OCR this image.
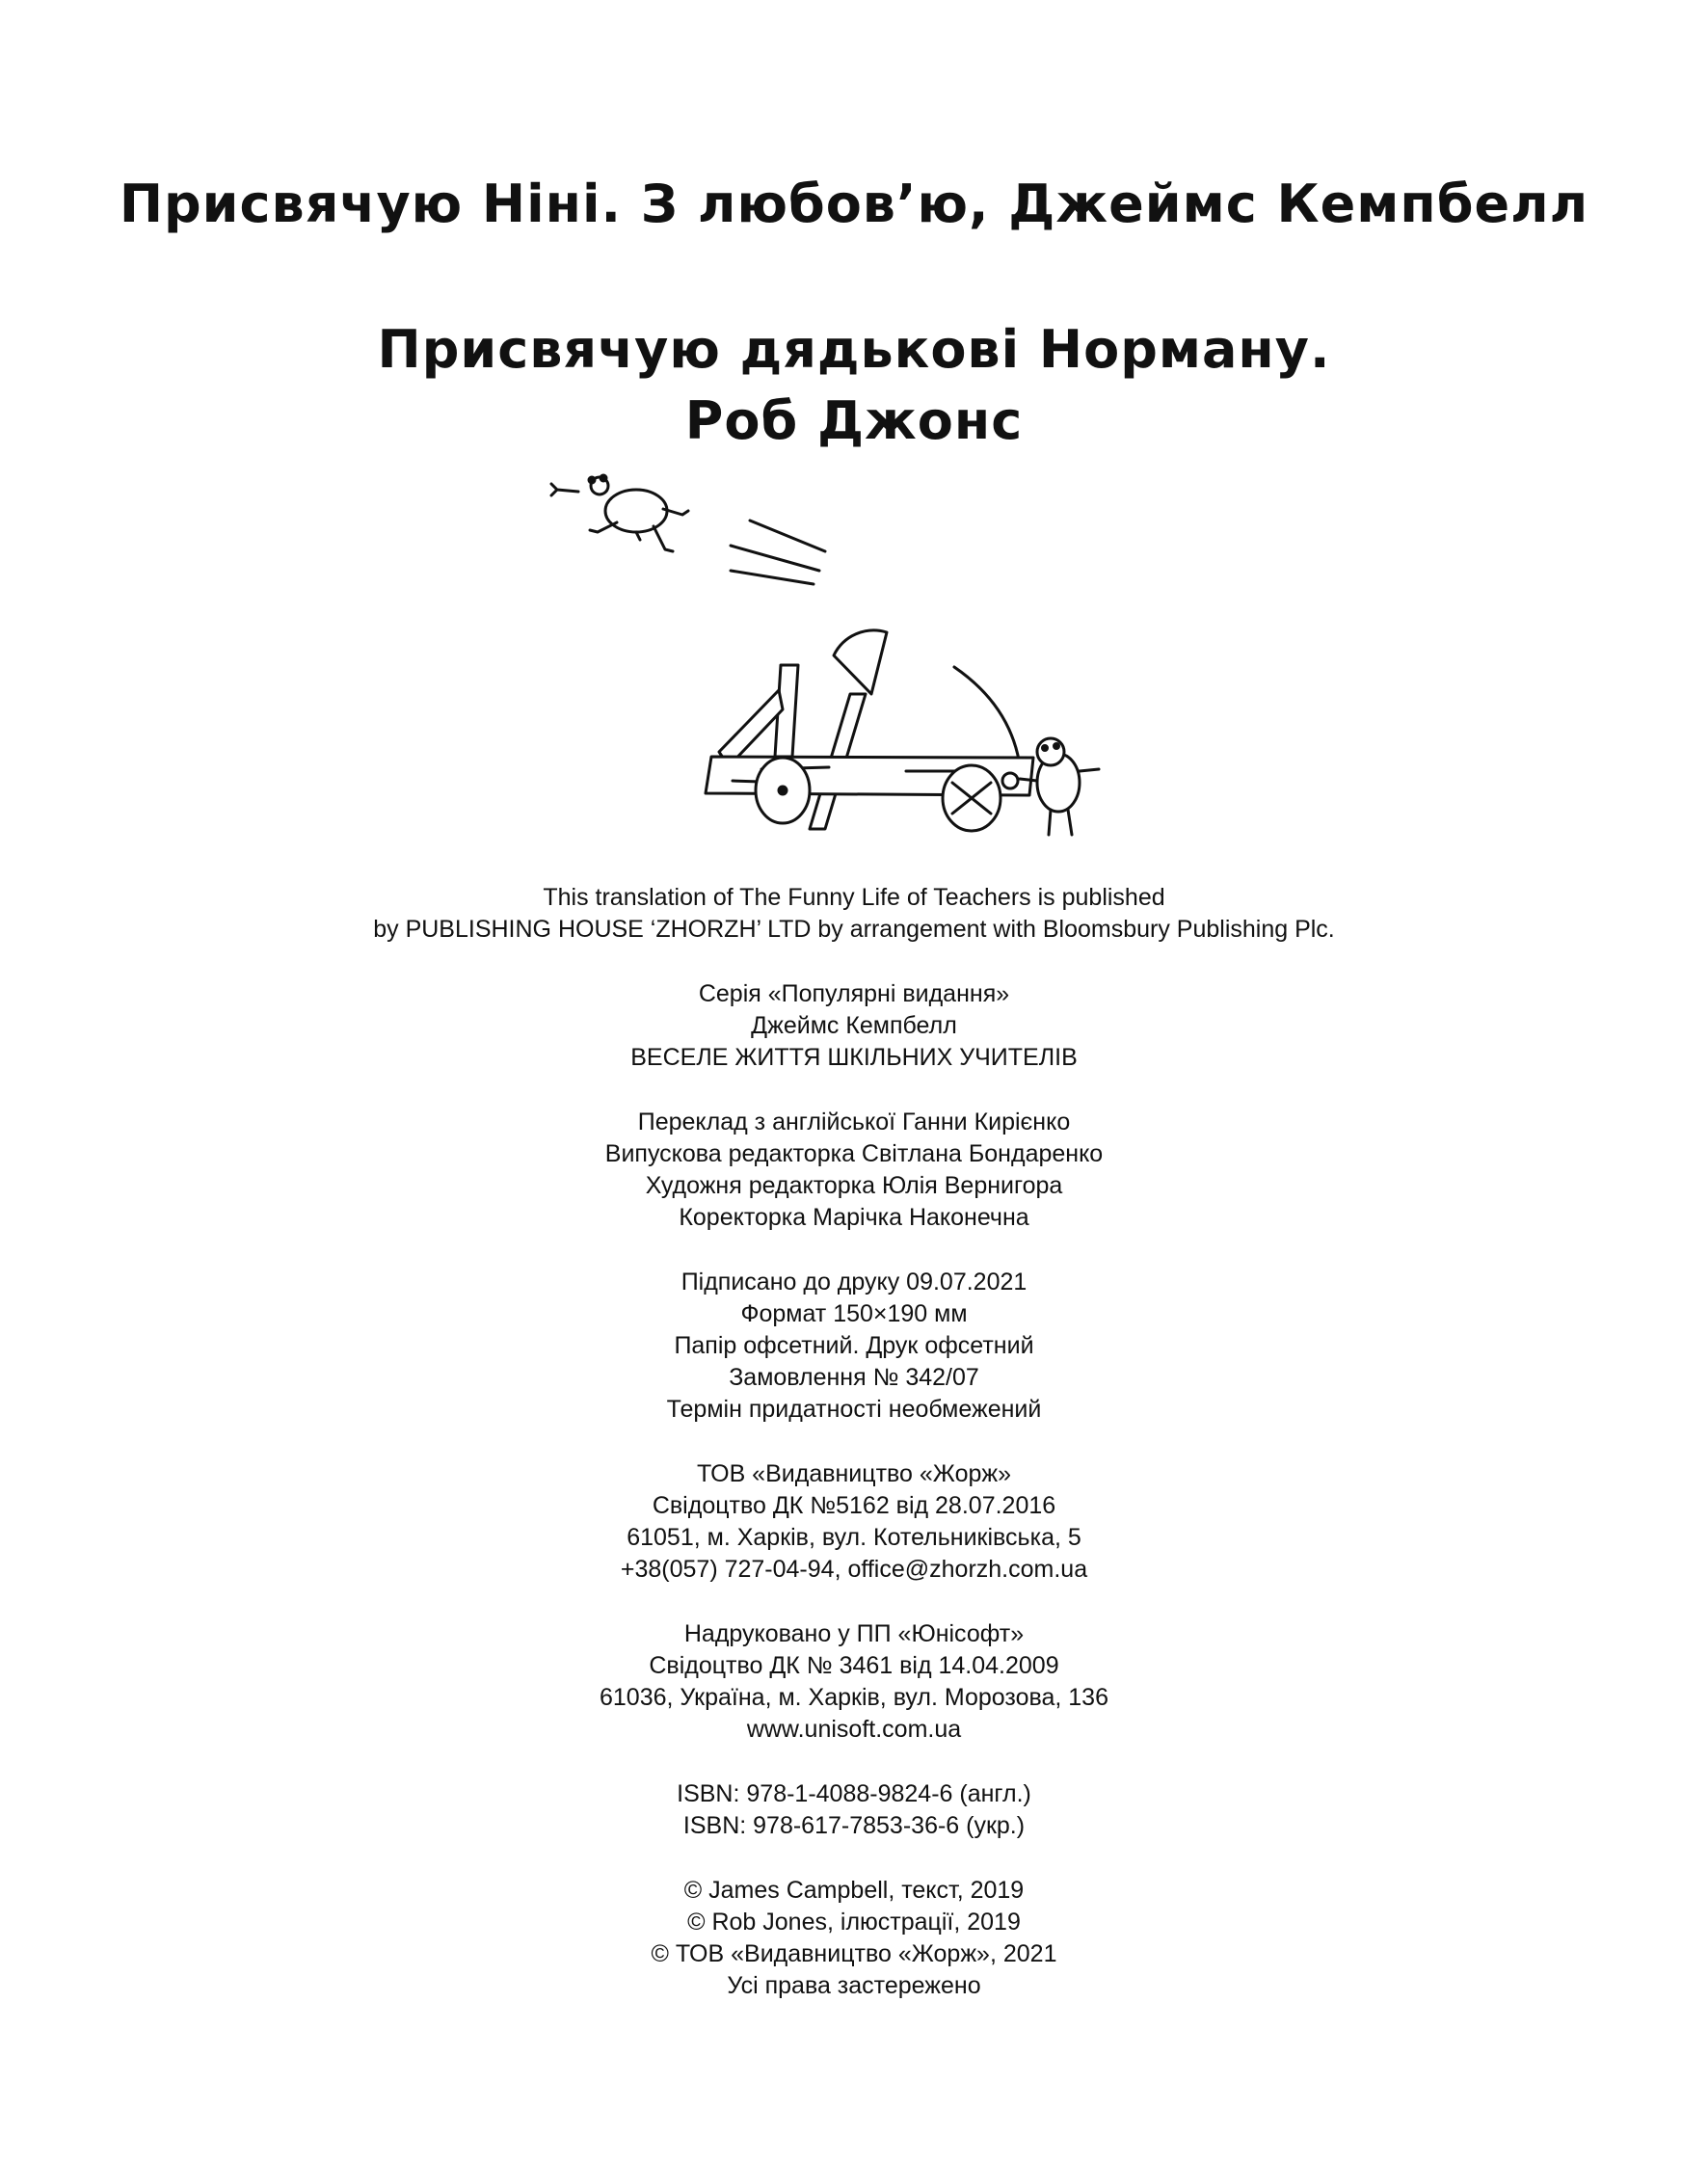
Присвячую Ніні. З любов’ю, Джеймс Кемпбелл
Присвячую дядькові Норману.
Роб Джонс
This translation of The Funny Life of Teachers is published
by PUBLISHING HOUSE ‘ZHORZH’ LTD by arrangement with Bloomsbury Publishing Plc.
Серія «Популярні видання»
Джеймс Кемпбелл
ВЕСЕЛЕ ЖИТТЯ ШКІЛЬНИХ УЧИТЕЛІВ
Переклад з англійської Ганни Кирієнко
Випускова редакторка Світлана Бондаренко
Художня редакторка Юлія Вернигора
Коректорка Марічка Наконечна
Підписано до друку 09.07.2021
Формат 150×190 мм
Папір офсетний. Друк офсетний
Замовлення № 342/07
Термін придатності необмежений
ТОВ «Видавництво «Жорж»
Свідоцтво ДК №5162 від 28.07.2016
61051, м. Харків, вул. Котельниківська, 5
+38(057) 727-04-94, office@zhorzh.com.ua
Надруковано у ПП «Юнісофт»
Свідоцтво ДК № 3461 від 14.04.2009
61036, Україна, м. Харків, вул. Морозова, 136
www.unisoft.com.ua
ISBN: 978-1-4088-9824-6 (англ.)
ISBN: 978-617-7853-36-6 (укр.)
© James Campbell, текст, 2019
© Rob Jones, ілюстрації, 2019
© ТОВ «Видавництво «Жорж», 2021
Усі права застережено
